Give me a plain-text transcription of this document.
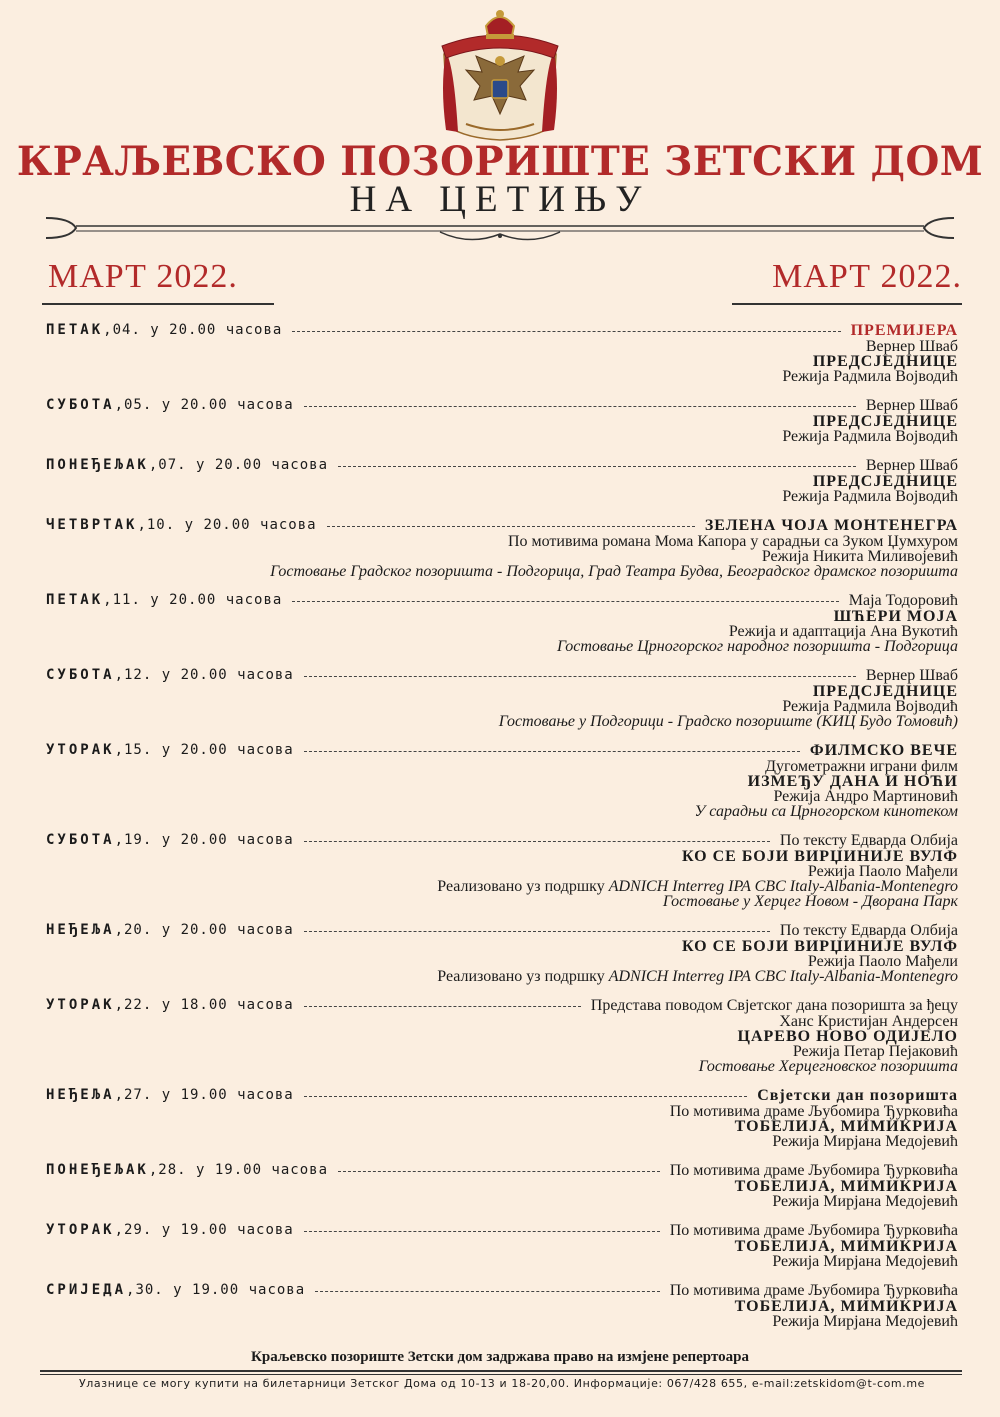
КРАЉЕВСКО ПОЗОРИШТЕ ЗЕТСКИ ДОМ
НА ЦЕТИЊУ
МАРТ 2022.	МАРТ 2022.
ПЕТАК,04. у 20.00 часова	ПРЕМИЈЕРА
Вернер Шваб
ПРЕДСЈЕДНИЦЕ
Режија Радмила Војводић
СУБОТА,05. у 20.00 часова	Вернер Шваб
ПРЕДСЈЕДНИЦЕ
Режија Радмила Војводић
ПОНЕЂЕЉАК,07. у 20.00 часова	Вернер Шваб
ПРЕДСЈЕДНИЦЕ
Режија Радмила Војводић
ЧЕТВРТАК,10. у 20.00 часова	ЗЕЛЕНА ЧОЈА МОНТЕНЕГРА
По мотивима романа Мома Капора у сарадњи са Зуком Џумхуром
Режија Никита Миливојевић
Гостовање Градског позоришта - Подгорица, Град Театра Будва, Београдског драмског позоришта
ПЕТАК,11. у 20.00 часова	Маја Тодоровић
ШЋЕРИ МОЈА
Режија и адаптација Ана Вукотић
Гостовање Црногорског народног позоришта - Подгорица
СУБОТА,12. у 20.00 часова	Вернер Шваб
ПРЕДСЈЕДНИЦЕ
Режија Радмила Војводић
Гостовање у Подгорици - Градско позориште (КИЦ Будо Томовић)
УТОРАК,15. у 20.00 часова	ФИЛМСКО ВЕЧЕ
Дугометражни играни филм
ИЗМЕЂУ ДАНА И НОЋИ
Режија Андро Мартиновић
У сарадњи са Црногорском кинотеком
СУБОТА,19. у 20.00 часова	По тексту Едварда Олбија
КО СЕ БОЈИ ВИРЏИНИЈЕ ВУЛФ
Режија Паоло Мађели
Реализовано уз подршку ADNICH Interreg IPA CBC Italy-Albania-Montenegro
Гостовање у Херцег Новом - Дворана Парк
НЕЂЕЉА,20. у 20.00 часова	По тексту Едварда Олбија
КО СЕ БОЈИ ВИРЏИНИЈЕ ВУЛФ
Режија Паоло Мађели
Реализовано уз подршку ADNICH Interreg IPA CBC Italy-Albania-Montenegro
УТОРАК,22. у 18.00 часова	Представа поводом Свјетског дана позоришта за ђецу
Ханс Кристијан Андерсен
ЦАРЕВО НОВО ОДИЈЕЛО
Режија Петар Пејаковић
Гостовање Херцегновског позоришта
НЕЂЕЉА,27. у 19.00 часова	Свјетски дан позоришта
По мотивима драме Љубомира Ђурковића
ТОБЕЛИЈА, МИМИКРИЈА
Режија Мирјана Медојевић
ПОНЕЂЕЉАК,28. у 19.00 часова	По мотивима драме Љубомира Ђурковића
ТОБЕЛИЈА, МИМИКРИЈА
Режија Мирјана Медојевић
УТОРАК,29. у 19.00 часова	По мотивима драме Љубомира Ђурковића
ТОБЕЛИЈА, МИМИКРИЈА
Режија Мирјана Медојевић
СРИЈЕДА,30. у 19.00 часова	По мотивима драме Љубомира Ђурковића
ТОБЕЛИЈА, МИМИКРИЈА
Режија Мирјана Медојевић
Краљевско позориште Зетски дом задржава право на измјене репертоара
Улазнице се могу купити на билетарници Зетског Дома од 10-13 и 18-20,00. Информације: 067/428 655, e-mail:zetskidom@t-com.me
